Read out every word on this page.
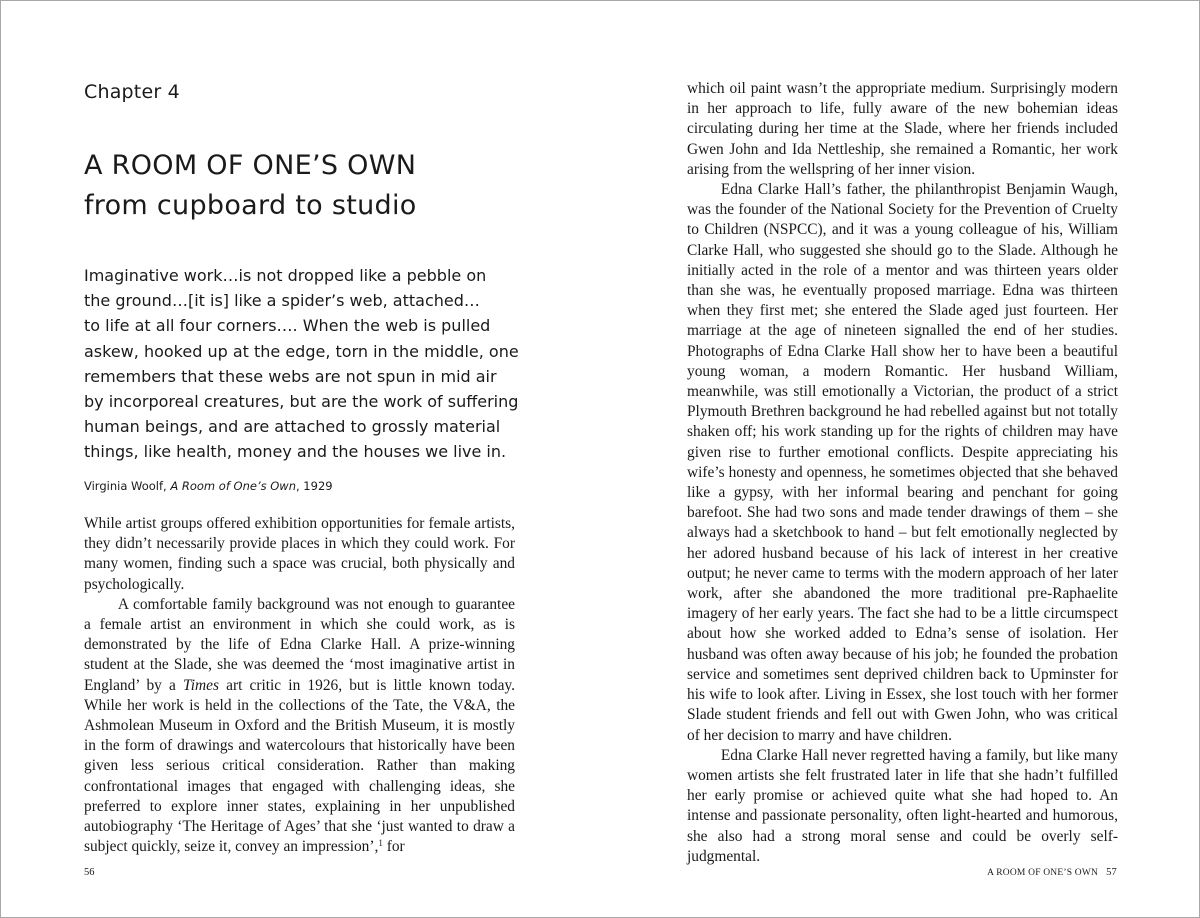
Chapter 4
A ROOM OF ONE’S OWN
from cupboard to studio

Imaginative work…is not dropped like a pebble on
the ground…[it is] like a spider’s web, attached…
to life at all four corners…. When the web is pulled
askew, hooked up at the edge, torn in the middle, one
remembers that these webs are not spun in mid air
by incorporeal creatures, but are the work of suffering
human beings, and are attached to grossly material
things, like health, money and the houses we live in.

Virginia Woolf, A Room of One’s Own, 1929

While artist groups offered exhibition opportunities for female artists, they didn’t necessarily provide places in which they could work. For many women, finding such a space was crucial, both physically and psychologically.

A comfortable family background was not enough to guarantee a female artist an environment in which she could work, as is demonstrated by the life of Edna Clarke Hall. A prize-winning student at the Slade, she was deemed the ‘most imaginative artist in England’ by a Times art critic in 1926, but is little known today. While her work is held in the collections of the Tate, the V&A, the Ashmolean Museum in Oxford and the British Museum, it is mostly in the form of drawings and watercolours that historically have been given less serious critical consideration. Rather than making confrontational images that engaged with challenging ideas, she preferred to explore inner states, explaining in her unpublished autobiography ‘The Heritage of Ages’ that she ‘just wanted to draw a subject quickly, seize it, convey an impression’,$^1$ for

56

which oil paint wasn’t the appropriate medium. Surprisingly modern in her approach to life, fully aware of the new bohemian ideas circulating during her time at the Slade, where her friends included Gwen John and Ida Nettleship, she remained a Romantic, her work arising from the wellspring of her inner vision.

Edna Clarke Hall’s father, the philanthropist Benjamin Waugh, was the founder of the National Society for the Prevention of Cruelty to Children (NSPCC), and it was a young colleague of his, William Clarke Hall, who suggested she should go to the Slade. Although he initially acted in the role of a mentor and was thirteen years older than she was, he eventually proposed marriage. Edna was thirteen when they first met; she entered the Slade aged just fourteen. Her marriage at the age of nineteen signalled the end of her studies. Photographs of Edna Clarke Hall show her to have been a beautiful young woman, a modern Romantic. Her husband William, meanwhile, was still emotionally a Victorian, the product of a strict Plymouth Brethren background he had rebelled against but not totally shaken off; his work standing up for the rights of children may have given rise to further emotional conflicts. Despite appreciating his wife’s honesty and openness, he sometimes objected that she behaved like a gypsy, with her informal bearing and penchant for going barefoot. She had two sons and made tender drawings of them – she always had a sketchbook to hand – but felt emotionally neglected by her adored husband because of his lack of interest in her creative output; he never came to terms with the modern approach of her later work, after she abandoned the more traditional pre-Raphaelite imagery of her early years. The fact she had to be a little circumspect about how she worked added to Edna’s sense of isolation. Her husband was often away because of his job; he founded the probation service and sometimes sent deprived children back to Upminster for his wife to look after. Living in Essex, she lost touch with her former Slade student friends and fell out with Gwen John, who was critical of her decision to marry and have children.

Edna Clarke Hall never regretted having a family, but like many women artists she felt frustrated later in life that she hadn’t fulfilled her early promise or achieved quite what she had hoped to. An intense and passionate personality, often light-hearted and humorous, she also had a strong moral sense and could be overly self-judgmental.

A ROOM OF ONE’S OWN 57
